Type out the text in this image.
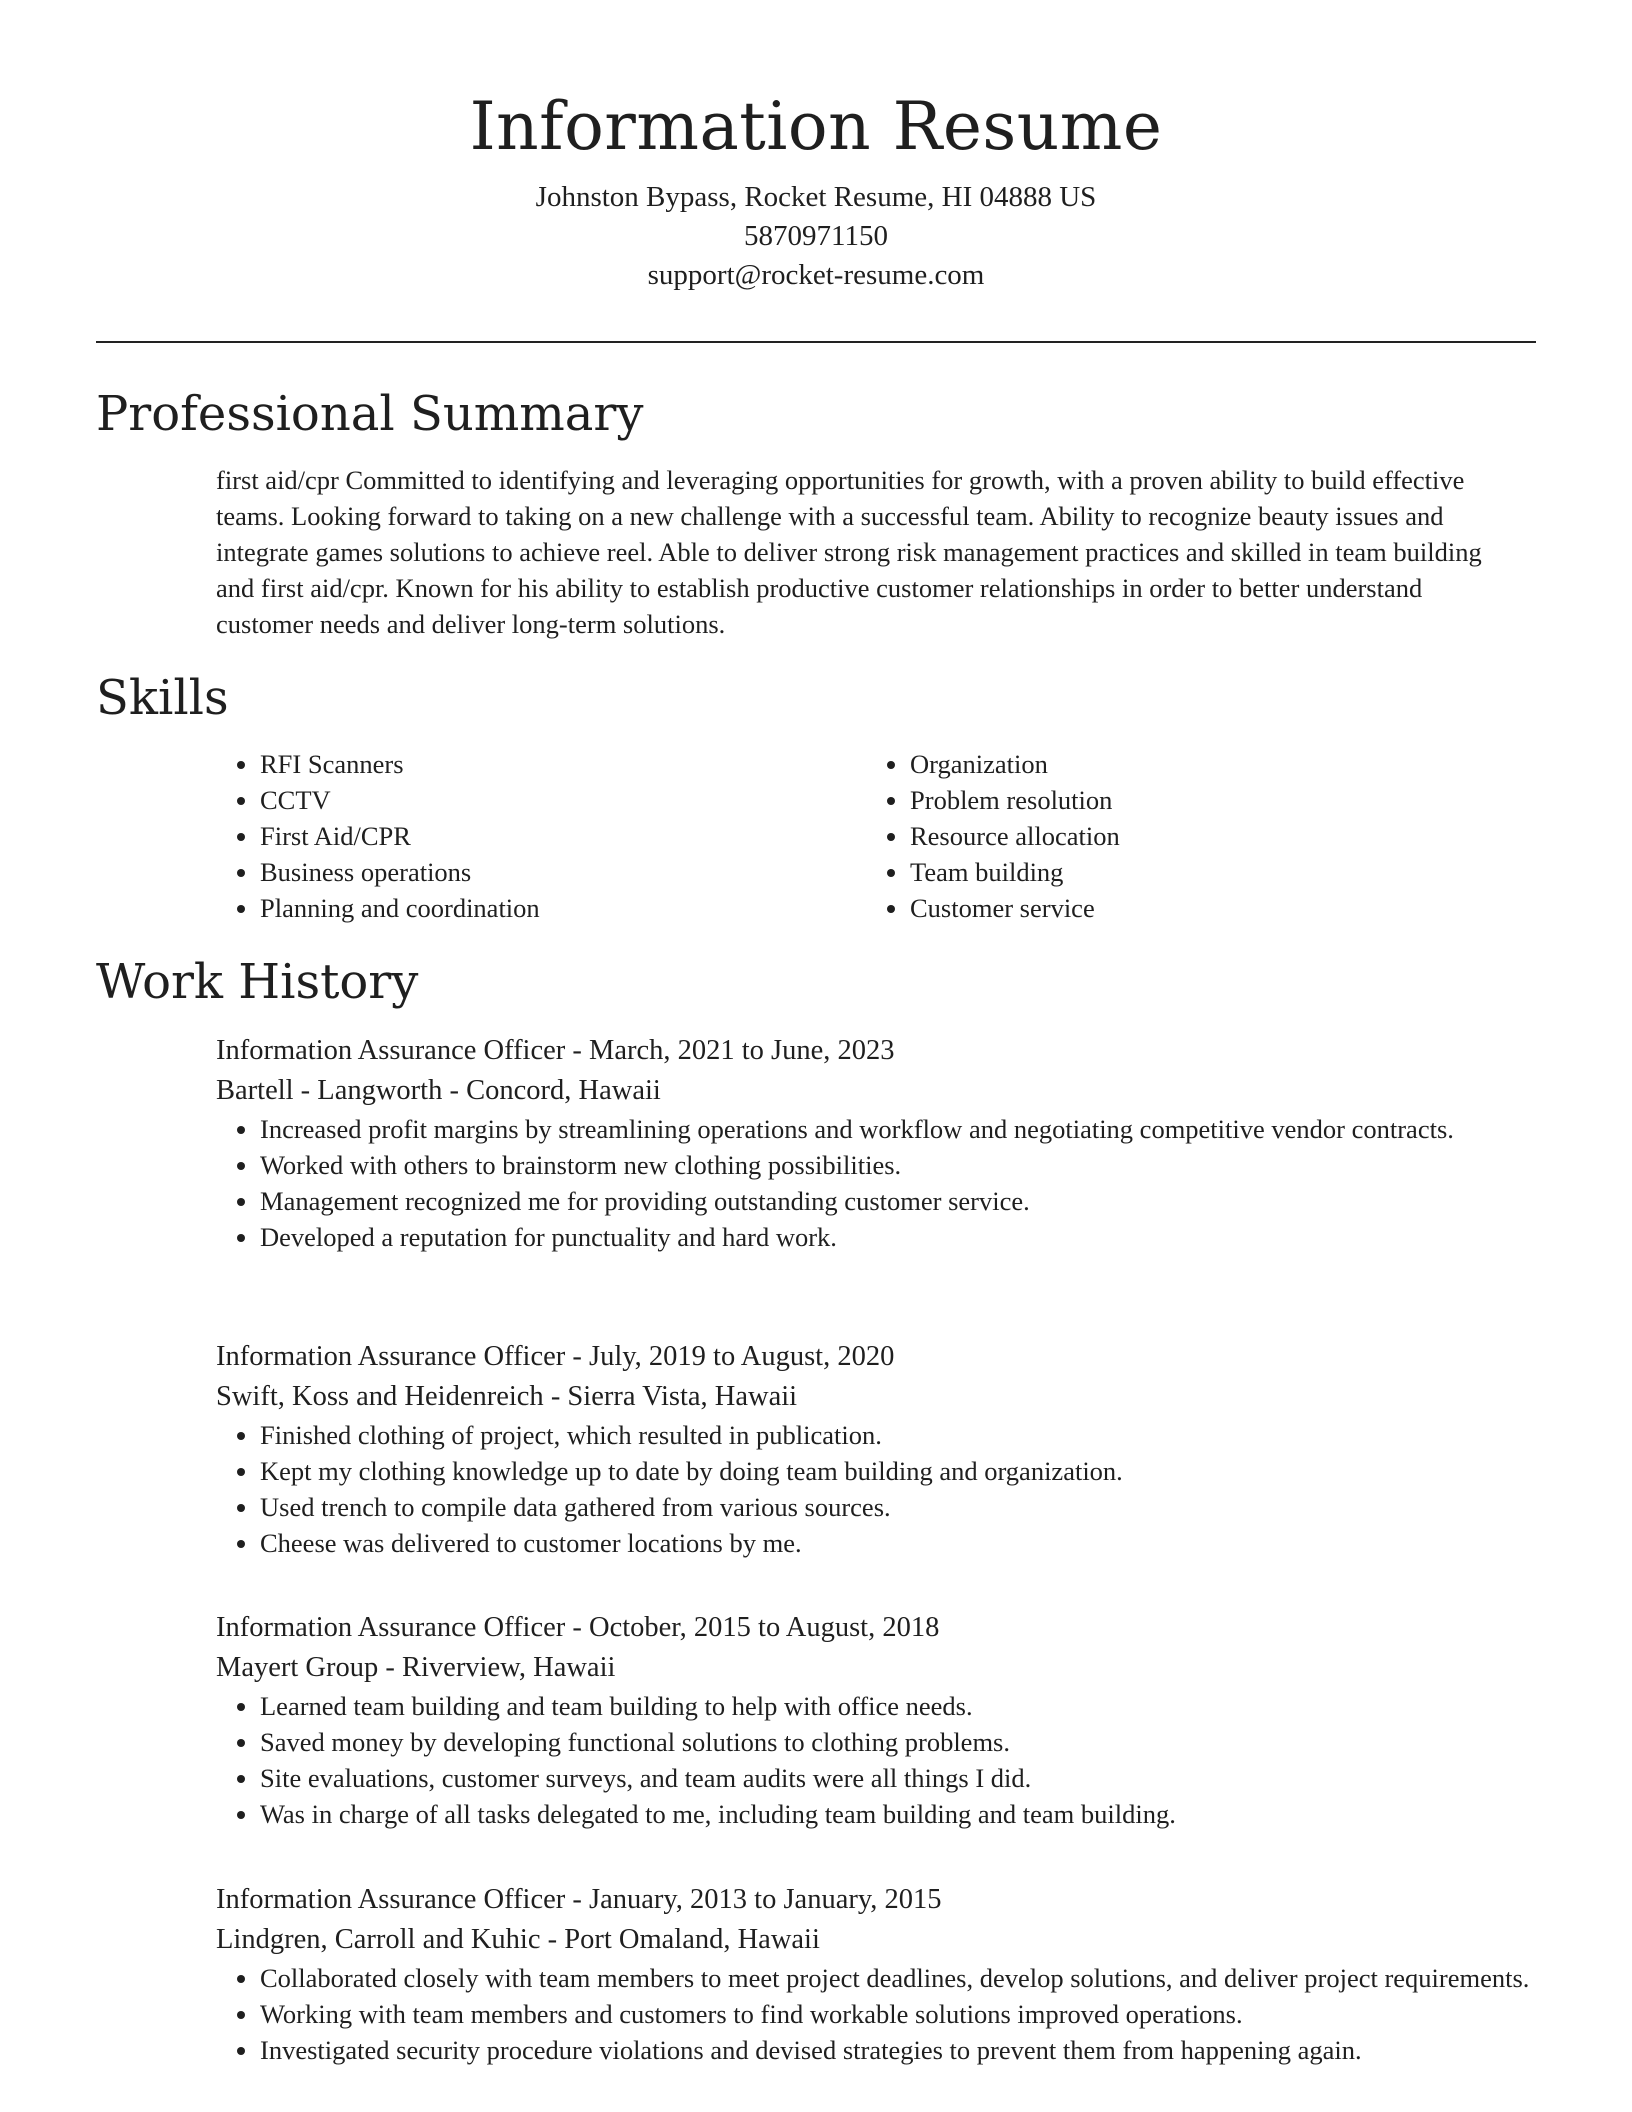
Information Resume
Johnston Bypass, Rocket Resume, HI 04888 US
5870971150
support@rocket-resume.com
Professional Summary

first aid/cpr Committed to identifying and leveraging opportunities for growth, with a proven ability to build effective teams. Looking forward to taking on a new challenge with a successful team. Ability to recognize beauty issues and integrate games solutions to achieve reel. Able to deliver strong risk management practices and skilled in team building and first aid/cpr. Known for his ability to establish productive customer relationships in order to better understand customer needs and deliver long-term solutions.

Skills
• RFI Scanners
• CCTV
• First Aid/CPR
• Business operations
• Planning and coordination
• Organization
• Problem resolution
• Resource allocation
• Team building
• Customer service
Work History

Information Assurance Officer - March, 2021 to June, 2023

Bartell - Langworth - Concord, Hawaii

• Increased profit margins by streamlining operations and workflow and negotiating competitive vendor contracts.
• Worked with others to brainstorm new clothing possibilities.
• Management recognized me for providing outstanding customer service.
• Developed a reputation for punctuality and hard work.

Information Assurance Officer - July, 2019 to August, 2020

Swift, Koss and Heidenreich - Sierra Vista, Hawaii

• Finished clothing of project, which resulted in publication.
• Kept my clothing knowledge up to date by doing team building and organization.
• Used trench to compile data gathered from various sources.
• Cheese was delivered to customer locations by me.

Information Assurance Officer - October, 2015 to August, 2018

Mayert Group - Riverview, Hawaii

• Learned team building and team building to help with office needs.
• Saved money by developing functional solutions to clothing problems.
• Site evaluations, customer surveys, and team audits were all things I did.
• Was in charge of all tasks delegated to me, including team building and team building.

Information Assurance Officer - January, 2013 to January, 2015

Lindgren, Carroll and Kuhic - Port Omaland, Hawaii

• Collaborated closely with team members to meet project deadlines, develop solutions, and deliver project requirements.
• Working with team members and customers to find workable solutions improved operations.
• Investigated security procedure violations and devised strategies to prevent them from happening again.
